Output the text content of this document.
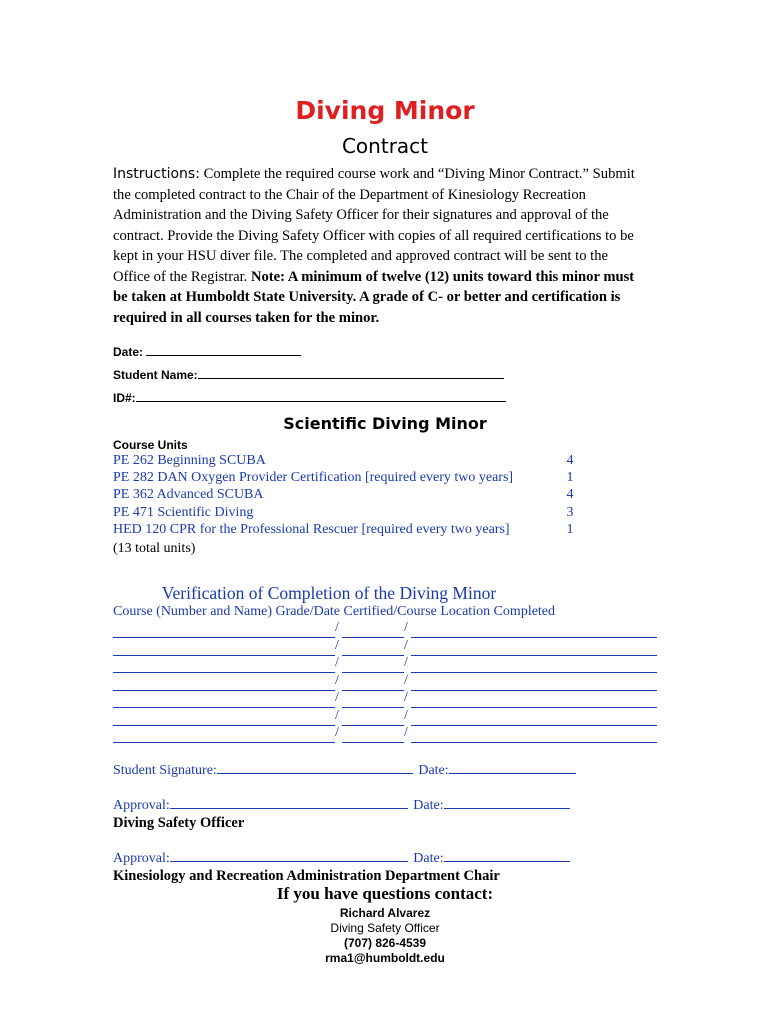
Diving Minor
Contract
Instructions: Complete the required course work and “Diving Minor Contract.” Submit the completed contract to the Chair of the Department of Kinesiology Recreation Administration and the Diving Safety Officer for their signatures and approval of the contract. Provide the Diving Safety Officer with copies of all required certifications to be kept in your HSU diver file. The completed and approved contract will be sent to the Office of the Registrar. Note: A minimum of twelve (12) units toward this minor must be taken at Humboldt State University. A grade of C- or better and certification is required in all courses taken for the minor.
Date:
Student Name:
ID#:
Scientific Diving Minor
Course Units
PE 262 Beginning SCUBA	4
PE 282 DAN Oxygen Provider Certification [required every two years]	1
PE 362 Advanced SCUBA	4
PE 471 Scientific Diving	3
HED 120 CPR for the Professional Rescuer [required every two years]	1
(13 total units)
Verification of Completion of the Diving Minor
Course (Number and Name) Grade/Date Certified/Course Location Completed
/	/
/	/
/	/
/	/
/	/
/	/
/	/
Student Signature:	Date:
Approval:	Date:
Diving Safety Officer
Approval:	Date:
Kinesiology and Recreation Administration Department Chair
If you have questions contact:
Richard Alvarez
Diving Safety Officer
(707) 826-4539
rma1@humboldt.edu
